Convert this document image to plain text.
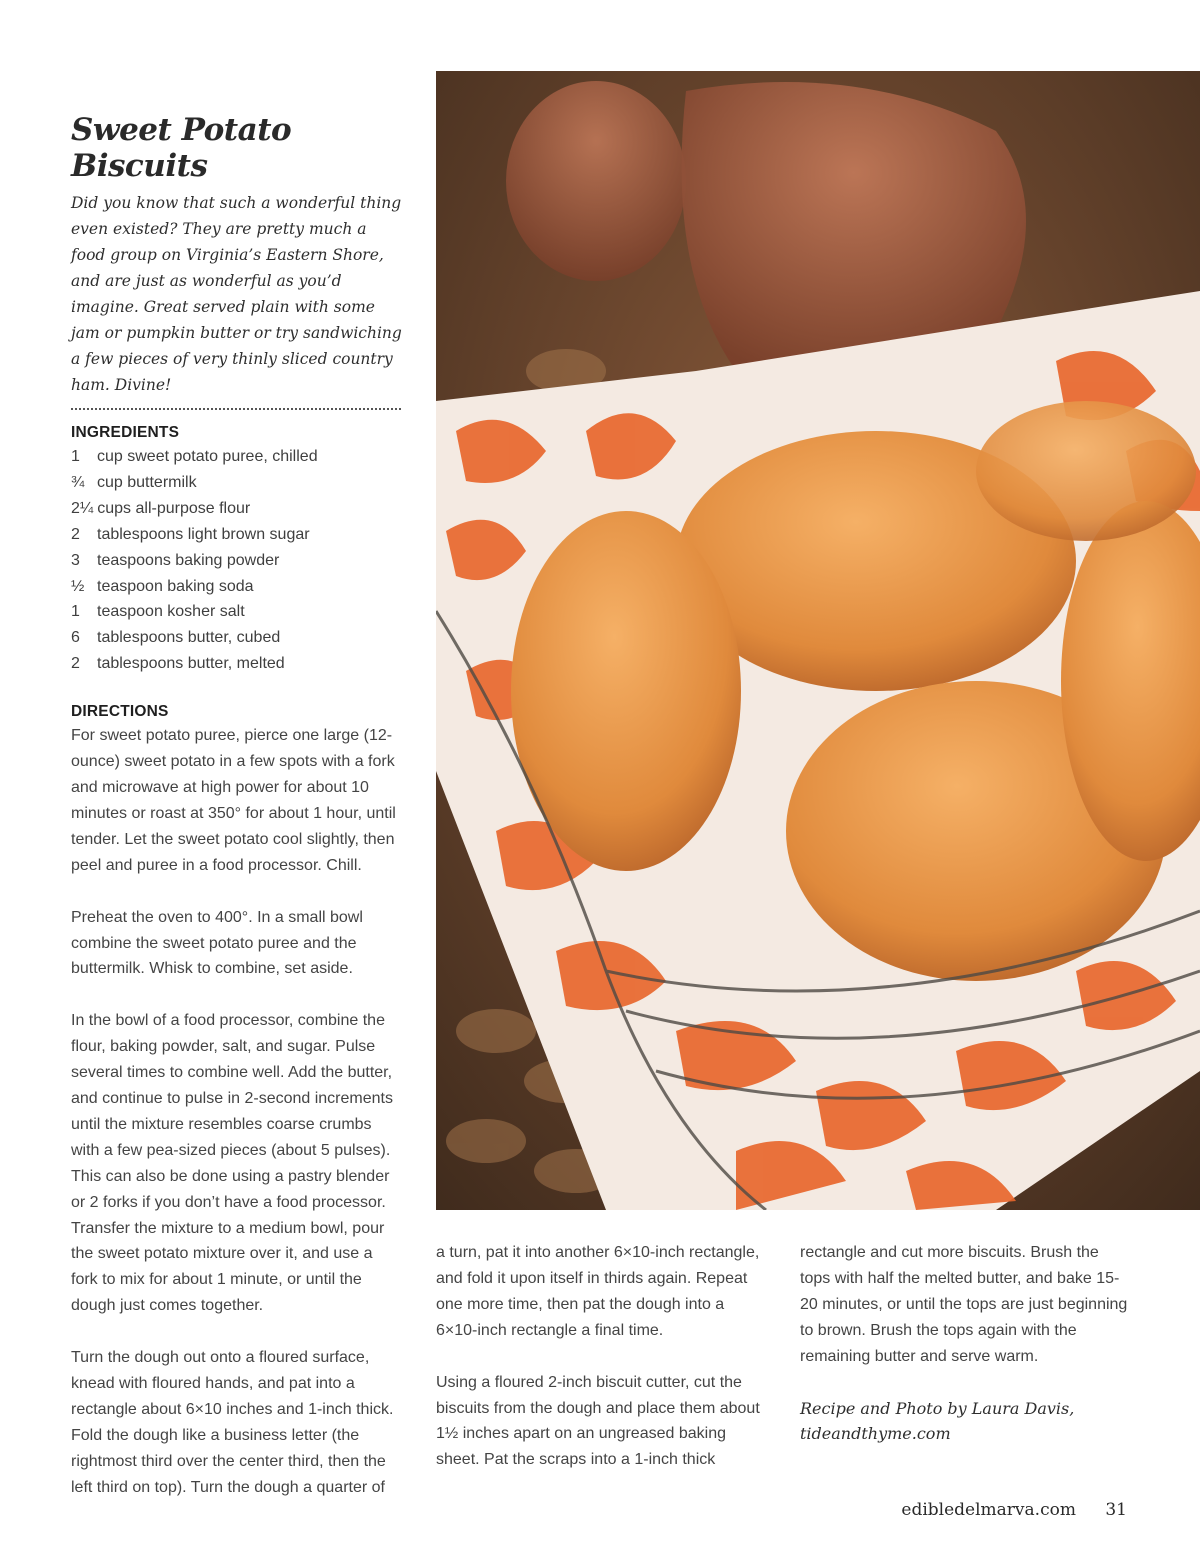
Sweet Potato Biscuits

Did you know that such a wonderful thing even existed? They are pretty much a food group on Virginia’s Eastern Shore, and are just as wonderful as you’d imagine. Great served plain with some jam or pumpkin butter or try sandwiching a few pieces of very thinly sliced country ham. Divine!

INGREDIENTS
1 cup sweet potato puree, chilled
¾ cup buttermilk
2¼ cups all-purpose flour
2 tablespoons light brown sugar
3 teaspoons baking powder
½ teaspoon baking soda
1 teaspoon kosher salt
6 tablespoons butter, cubed
2 tablespoons butter, melted
DIRECTIONS

For sweet potato puree, pierce one large (12-ounce) sweet potato in a few spots with a fork and microwave at high power for about 10 minutes or roast at 350° for about 1 hour, until tender. Let the sweet potato cool slightly, then peel and puree in a food processor. Chill.

Preheat the oven to 400°. In a small bowl combine the sweet potato puree and the buttermilk. Whisk to combine, set aside.

In the bowl of a food processor, combine the flour, baking powder, salt, and sugar. Pulse several times to combine well. Add the butter, and continue to pulse in 2-second increments until the mixture resembles coarse crumbs with a few pea-sized pieces (about 5 pulses). This can also be done using a pastry blender or 2 forks if you don’t have a food processor. Transfer the mixture to a medium bowl, pour the sweet potato mixture over it, and use a fork to mix for about 1 minute, or until the dough just comes together.

Turn the dough out onto a floured surface, knead with floured hands, and pat into a rectangle about 6×10 inches and 1-inch thick. Fold the dough like a business letter (the rightmost third over the center third, then the left third on top). Turn the dough a quarter of

a turn, pat it into another 6×10-inch rectangle, and fold it upon itself in thirds again. Repeat one more time, then pat the dough into a 6×10-inch rectangle a final time.

Using a floured 2-inch biscuit cutter, cut the biscuits from the dough and place them about 1½ inches apart on an ungreased baking sheet. Pat the scraps into a 1-inch thick

rectangle and cut more biscuits. Brush the tops with half the melted butter, and bake 15-20 minutes, or until the tops are just beginning to brown. Brush the tops again with the remaining butter and serve warm.

Recipe and Photo by Laura Davis,
tideandthyme.com

edibledelmarva.com 31
